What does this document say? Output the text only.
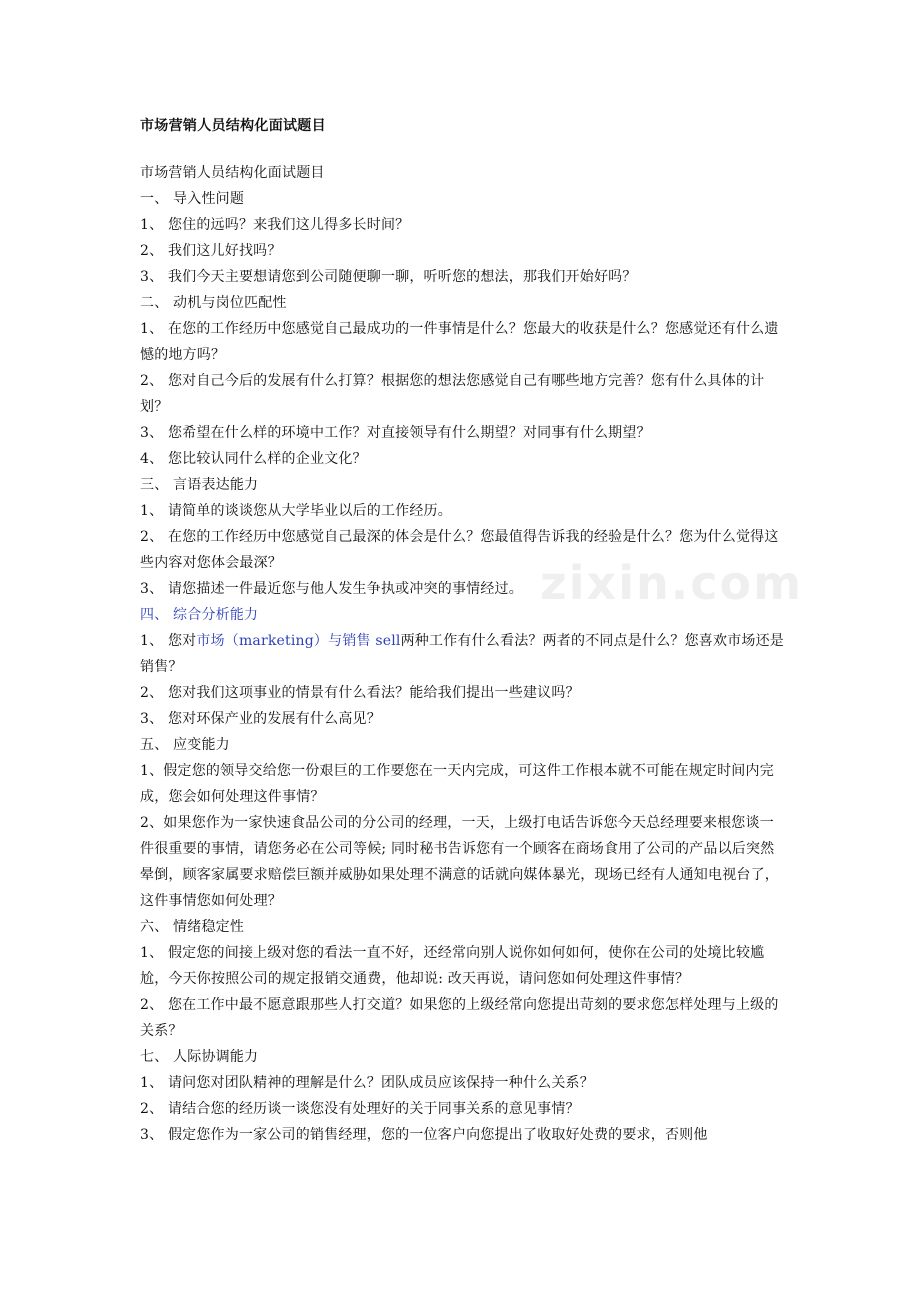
市场营销人员结构化面试题目
zixin.com

市场营销人员结构化面试题目

一、 导入性问题

1、 您住的远吗？来我们这儿得多长时间？

2、 我们这儿好找吗？

3、 我们今天主要想请您到公司随便聊一聊，听听您的想法，那我们开始好吗？

二、 动机与岗位匹配性

1、 在您的工作经历中您感觉自己最成功的一件事情是什么？您最大的收获是什么？您感觉还有什么遗憾的地方吗？

2、 您对自己今后的发展有什么打算？根据您的想法您感觉自己有哪些地方完善？您有什么具体的计划？

3、 您希望在什么样的环境中工作？对直接领导有什么期望？对同事有什么期望？

4、 您比较认同什么样的企业文化？

三、 言语表达能力

1、 请简单的谈谈您从大学毕业以后的工作经历。

2、 在您的工作经历中您感觉自己最深的体会是什么？您最值得告诉我的经验是什么？您为什么觉得这些内容对您体会最深？

3、 请您描述一件最近您与他人发生争执或冲突的事情经过。

四、 综合分析能力

1、 您对市场（marketing）与销售 sell两种工作有什么看法？两者的不同点是什么？您喜欢市场还是销售？

2、 您对我们这项事业的情景有什么看法？能给我们提出一些建议吗？

3、 您对环保产业的发展有什么高见？

五、 应变能力

1、假定您的领导交给您一份艰巨的工作要您在一天内完成，可这件工作根本就不可能在规定时间内完成，您会如何处理这件事情？

2、如果您作为一家快速食品公司的分公司的经理，一天，上级打电话告诉您今天总经理要来根您谈一件很重要的事情，请您务必在公司等候; 同时秘书告诉您有一个顾客在商场食用了公司的产品以后突然晕倒，顾客家属要求赔偿巨额并威胁如果处理不满意的话就向媒体暴光，现场已经有人通知电视台了，这件事情您如何处理？

六、 情绪稳定性

1、 假定您的间接上级对您的看法一直不好，还经常向别人说你如何如何，使你在公司的处境比较尴尬，今天你按照公司的规定报销交通费，他却说: 改天再说，请问您如何处理这件事情？

2、 您在工作中最不愿意跟那些人打交道？如果您的上级经常向您提出苛刻的要求您怎样处理与上级的关系？

七、 人际协调能力

1、 请问您对团队精神的理解是什么？团队成员应该保持一种什么关系？

2、 请结合您的经历谈一谈您没有处理好的关于同事关系的意见事情？

3、 假定您作为一家公司的销售经理，您的一位客户向您提出了收取好处费的要求，否则他
